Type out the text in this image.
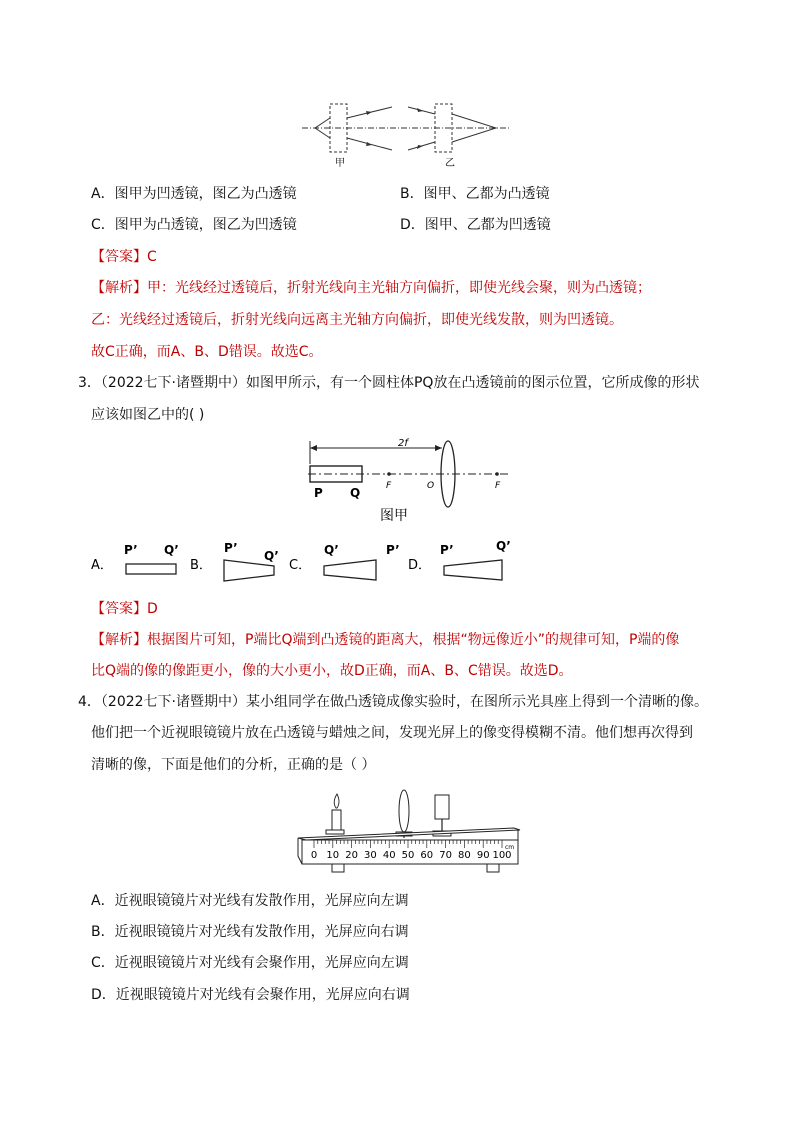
甲	乙
A．图甲为凹透镜，图乙为凸透镜	B．图甲、乙都为凸透镜
C．图甲为凸透镜，图乙为凹透镜	D．图甲、乙都为凹透镜
【答案】C
【解析】甲：光线经过透镜后，折射光线向主光轴方向偏折，即使光线会聚，则为凸透镜；
乙：光线经过透镜后，折射光线向远离主光轴方向偏折，即使光线发散，则为凹透镜。
故C正确，而A、B、D错误。故选C。
3．（2022七下·诸暨期中）如图甲所示，有一个圆柱体PQ放在凸透镜前的图示位置，它所成像的形状
应该如图乙中的( )
2f
P Q	F	O	F
图甲
A．
P’ Q’
B．
P’
Q’
C．
Q’	P’
D．
P’	Q’
【答案】D
【解析】根据图片可知，P端比Q端到凸透镜的距离大，根据“物远像近小”的规律可知，P端的像
比Q端的像的像距更小，像的大小更小，故D正确，而A、B、C错误。故选D。
4．（2022七下·诸暨期中）某小组同学在做凸透镜成像实验时，在图所示光具座上得到一个清晰的像。
他们把一个近视眼镜镜片放在凸透镜与蜡烛之间，发现光屏上的像变得模糊不清。他们想再次得到
清晰的像，下面是他们的分析，正确的是（ ）
0 10 20 30 40 50 60 70 80 90 100
cm
A．近视眼镜镜片对光线有发散作用，光屏应向左调
B．近视眼镜镜片对光线有发散作用，光屏应向右调
C．近视眼镜镜片对光线有会聚作用，光屏应向左调
D．近视眼镜镜片对光线有会聚作用，光屏应向右调
